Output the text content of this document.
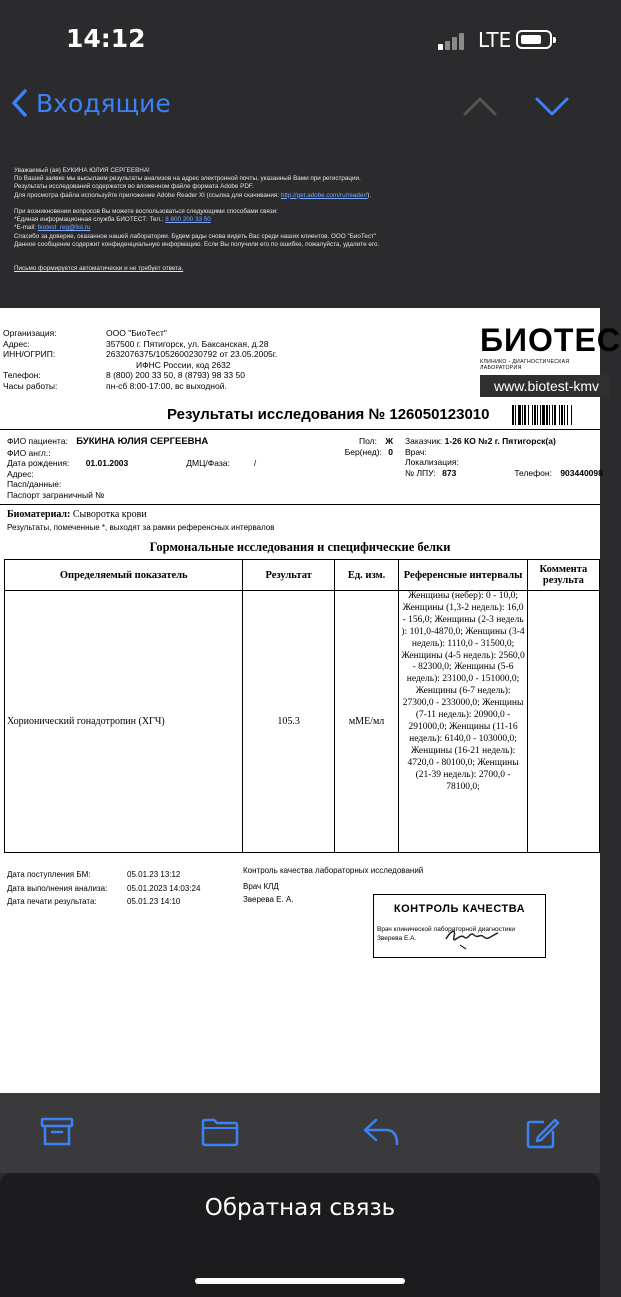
14:12	LTE
Входящие
Уважаемый (ая) БУКИНА ЮЛИЯ СЕРГЕЕВНА!
По Вашей заявке мы высылаем результаты анализов на адрес электронной почты, указанный Вами при регистрации.
Результаты исследований содержатся во вложенном файле формата Adobe PDF.
Для просмотра файла используйте приложение Adobe Reader XI (ссылка для скачивания: http://get.adobe.com/ru/reader/).
При возникновении вопросов Вы можете воспользоваться следующими способами связи:
*Единая информационная служба БИОТЕСТ: Тел.: 8 800 200 33 50
*E-mail: biotest_reg@list.ru
Спасибо за доверие, оказанное нашей лаборатории. Будем рады снова видеть Вас среди наших клиентов. ООО "БиоТест"
Данное сообщение содержит конфиденциальную информацию. Если Вы получили его по ошибке, пожалуйста, удалите его.
Письмо формируется автоматически и не требует ответа.
Организация:	ООО "БиоТест"
Адрес:	357500 г. Пятигорск, ул. Баксанская, д.28
ИНН/ОГРИП:	2632076375/1052600230792 от 23.05.2005г.
ИФНС России, код 2632
Телефон:	8 (800) 200 33 50, 8 (8793) 98 33 50
Часы работы:	пн-сб 8:00-17:00, вс выходной.
БИОТЕС
КЛИНИКО - ДИАГНОСТИЧЕСКАЯ ЛАБОРАТОРИЯ
www.biotest-kmv
Результаты исследования № 126050123010
ФИО пациента: БУКИНА ЮЛИЯ СЕРГЕЕВНА
ФИО англ.:
Дата рождения: 01.01.2003	ДМЦ/Фаза:	/
Адрес:
Пасп/данные:
Паспорт заграничный №
Пол: Ж
Бер(нед): 0
Заказчик: 1-26 КО №2 г. Пятигорск(а)
Врач:
Локализация:
№ ЛПУ: 873	Телефон: 903440098
Биоматериал: Сыворотка крови
Результаты, помеченные *, выходят за рамки референсных интервалов
Гормональные исследования и специфические белки
Определяемый показатель	Результат	Ед. изм.	Референсные интервалы	Коммента результа
Хорионический гонадотропин (ХГЧ)	105.3	мМЕ/мл	Женщины (небер): 0 - 10,0; Женщины (1,3-2 недель): 16,0 - 156,0; Женщины (2-3 недель ): 101,0-4870,0; Женщины (3-4 недель): 1110,0 - 31500,0; Женщины (4-5 недель): 2560,0 - 82300,0; Женщины (5-6 недель): 23100,0 - 151000,0; Женщины (6-7 недель): 27300,0 - 233000,0; Женщины (7-11 недель): 20900,0 - 291000,0; Женщины (11-16 недель): 6140,0 - 103000,0; Женщины (16-21 недель): 4720,0 - 80100,0; Женщины (21-39 недель): 2700,0 - 78100,0;	
Дата поступления БМ:	05.01.23 13:12
Дата выполнения анализа: 05.01.2023 14:03:24
Дата печати результата:	05.01.23 14:10
Контроль качества лабораторных исследований
Врач КЛД
Зверева Е. А.
КОНТРОЛЬ КАЧЕСТВА
Врач клинической лабораторной диагностики
Зверева Е.А.
Обратная связь
